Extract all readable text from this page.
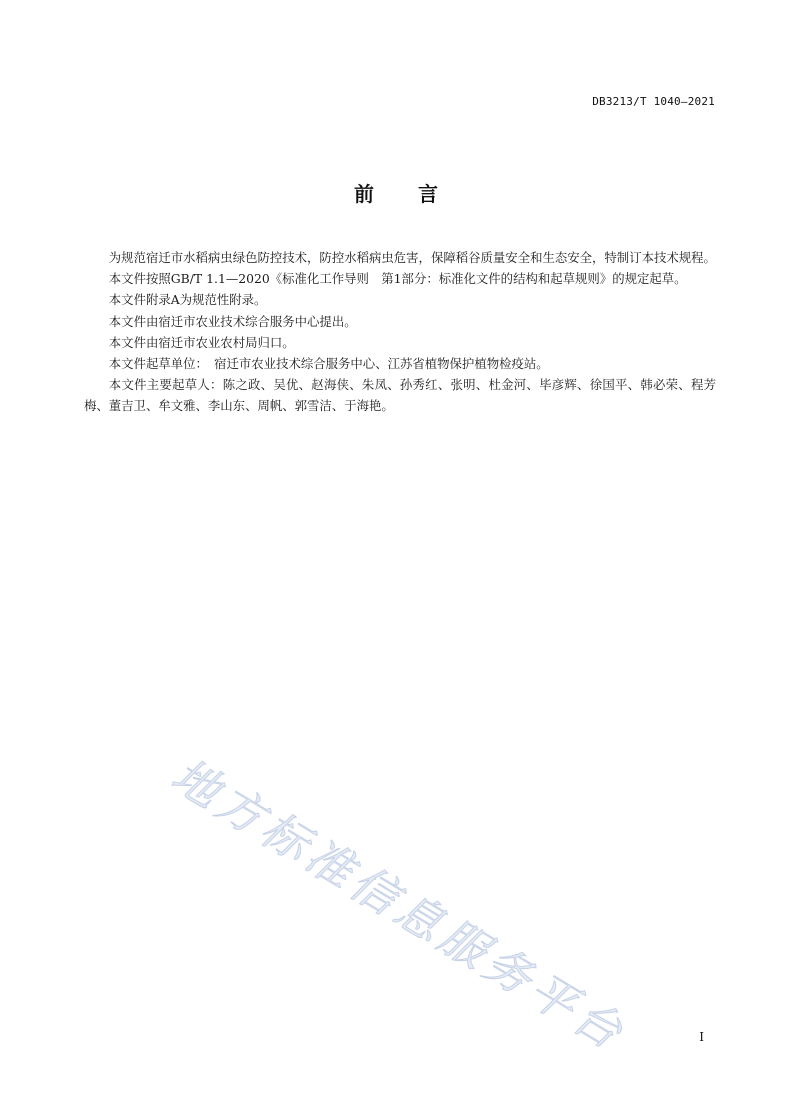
DB3213/T 1040—2021
前 言

为规范宿迁市水稻病虫绿色防控技术，防控水稻病虫危害，保障稻谷质量安全和生态安全，特制订本技术规程。

本文件按照GB/T 1.1—2020《标准化工作导则　第1部分：标准化文件的结构和起草规则》的规定起草。

本文件附录A为规范性附录。

本文件由宿迁市农业技术综合服务中心提出。

本文件由宿迁市农业农村局归口。

本文件起草单位：　宿迁市农业技术综合服务中心、江苏省植物保护植物检疫站。

本文件主要起草人：陈之政、吴优、赵海侠、朱凤、孙秀红、张明、杜金河、毕彦辉、徐国平、韩必荣、程芳梅、董吉卫、牟文雅、李山东、周帆、郭雪洁、于海艳。

地方标准信息服务平台	I
